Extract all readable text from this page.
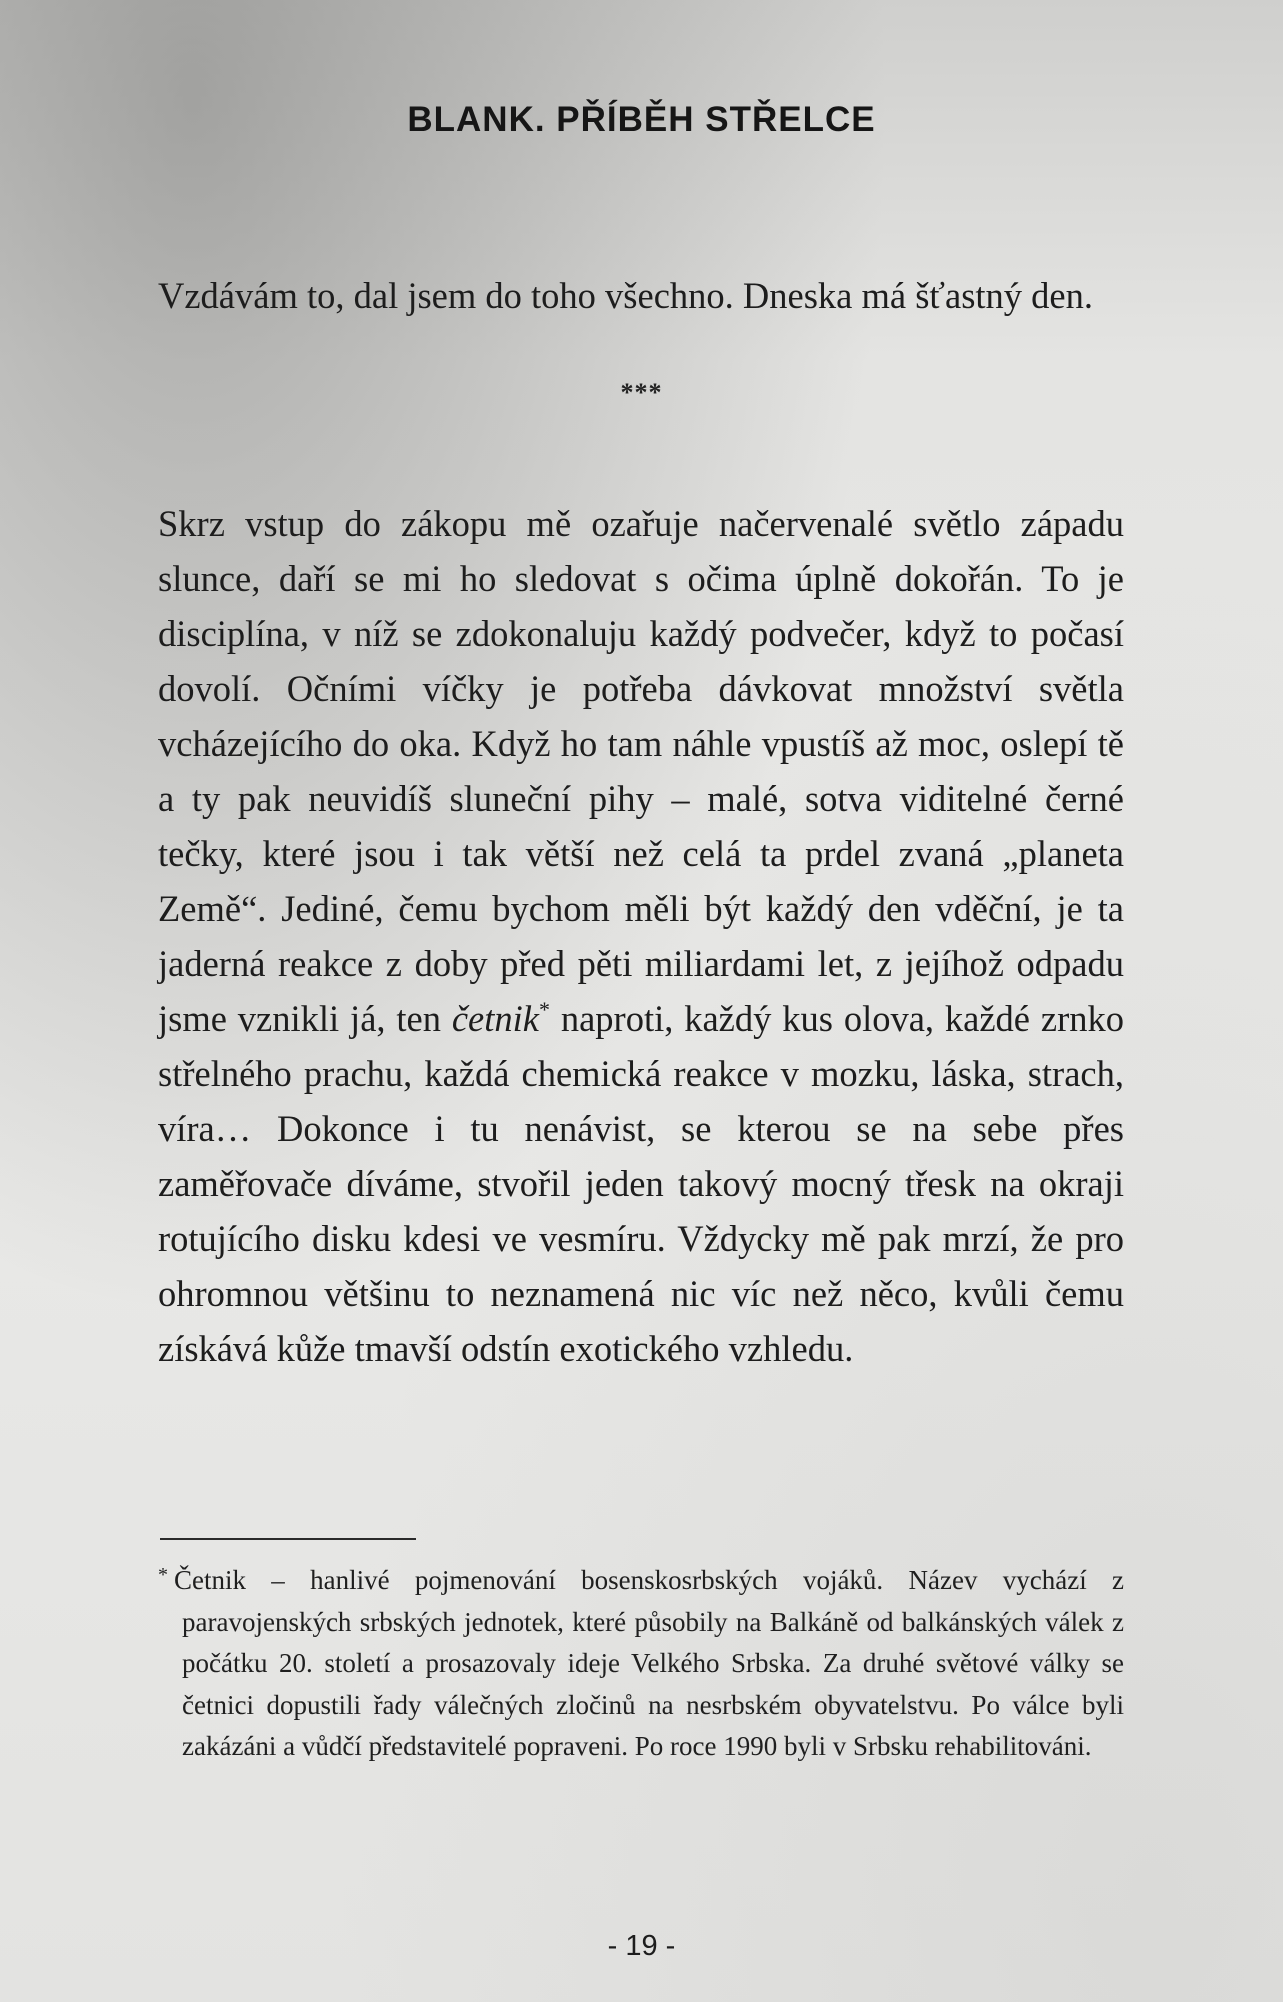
BLANK. PŘÍBĚH STŘELCE

Vzdávám to, dal jsem do toho všechno. Dneska má šťastný den.

***

Skrz vstup do zákopu mě ozařuje načervenalé světlo západu slunce, daří se mi ho sledovat s očima úplně dokořán. To je disciplína, v níž se zdokonaluju každý podvečer, když to počasí dovolí. Očními víčky je potřeba dávkovat množství světla vcházejícího do oka. Když ho tam náhle vpustíš až moc, oslepí tě a ty pak neuvidíš sluneční pihy – malé, sotva viditelné černé tečky, které jsou i tak větší než celá ta prdel zvaná „planeta Země“. Jediné, čemu bychom měli být každý den vděční, je ta jaderná reakce z doby před pěti miliardami let, z jejíhož odpadu jsme vznikli já, ten četnik* naproti, každý kus olova, každé zrnko střelného prachu, každá chemická reakce v mozku, láska, strach, víra… Dokonce i tu nenávist, se kterou se na sebe přes zaměřovače díváme, stvořil jeden takový mocný třesk na okraji rotujícího disku kdesi ve vesmíru. Vždycky mě pak mrzí, že pro ohromnou většinu to neznamená nic víc než něco, kvůli čemu získává kůže tmavší odstín exotického vzhledu.

* Četnik – hanlivé pojmenování bosenskosrbských vojáků. Název vychází z paravojenských srbských jednotek, které působily na Balkáně od balkánských válek z počátku 20. století a prosazovaly ideje Velkého Srbska. Za druhé světové války se četnici dopustili řady válečných zločinů na nesrbském obyvatelstvu. Po válce byli zakázáni a vůdčí představitelé popraveni. Po roce 1990 byli v Srbsku rehabilitováni.

- 19 -
